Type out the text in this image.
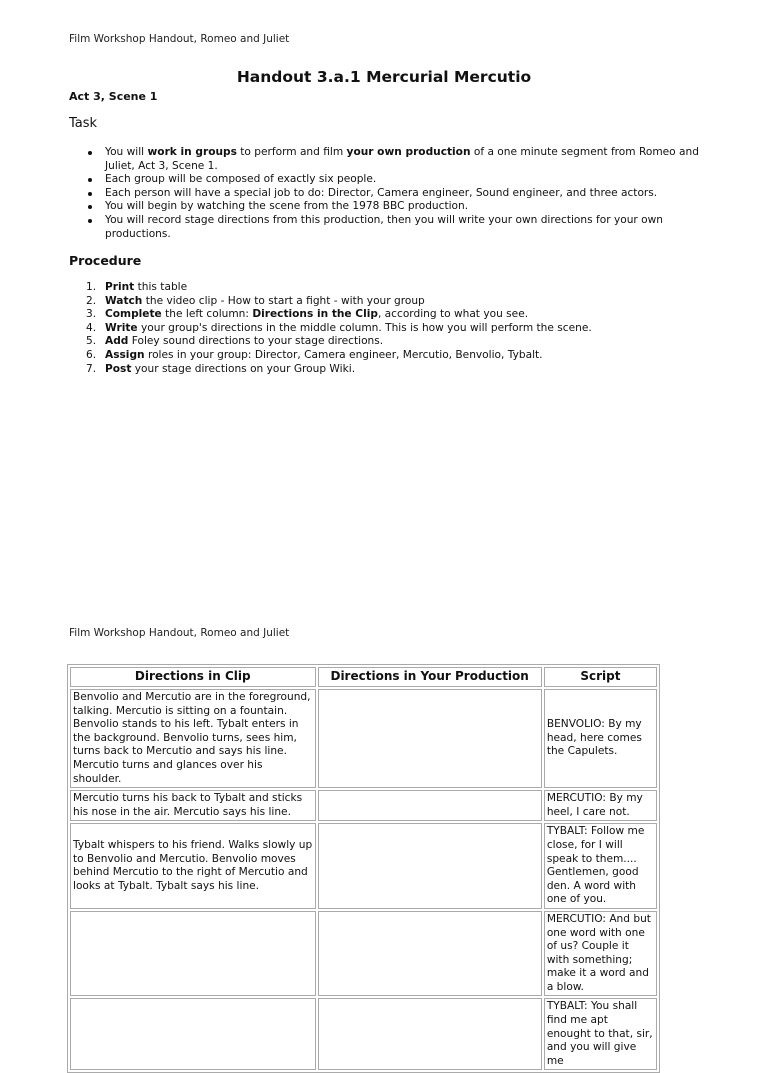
Film Workshop Handout, Romeo and Juliet
Handout 3.a.1 Mercurial Mercutio
Act 3, Scene 1
Task
You will work in groups to perform and film your own production of a one minute segment from Romeo and Juliet, Act 3, Scene 1.
Each group will be composed of exactly six people.
Each person will have a special job to do: Director, Camera engineer, Sound engineer, and three actors.
You will begin by watching the scene from the 1978 BBC production.
You will record stage directions from this production, then you will write your own directions for your own productions.
Procedure
1. Print this table
2. Watch the video clip - How to start a fight - with your group
3. Complete the left column: Directions in the Clip, according to what you see.
4. Write your group's directions in the middle column. This is how you will perform the scene.
5. Add Foley sound directions to your stage directions.
6. Assign roles in your group: Director, Camera engineer, Mercutio, Benvolio, Tybalt.
7. Post your stage directions on your Group Wiki.
Film Workshop Handout, Romeo and Juliet
Directions in Clip	Directions in Your Production	Script
Benvolio and Mercutio are in the foreground, talking. Mercutio is sitting on a fountain. Benvolio stands to his left. Tybalt enters in the background. Benvolio turns, sees him, turns back to Mercutio and says his line. Mercutio turns and glances over his shoulder.		BENVOLIO: By my head, here comes the Capulets.
Mercutio turns his back to Tybalt and sticks his nose in the air. Mercutio says his line.		MERCUTIO: By my heel, I care not.
Tybalt whispers to his friend. Walks slowly up to Benvolio and Mercutio. Benvolio moves behind Mercutio to the right of Mercutio and looks at Tybalt. Tybalt says his line.		TYBALT: Follow me close, for I will speak to them.... Gentlemen, good den. A word with one of you.
		MERCUTIO: And but one word with one of us? Couple it with something; make it a word and a blow.
		TYBALT: You shall find me apt enought to that, sir, and you will give me
